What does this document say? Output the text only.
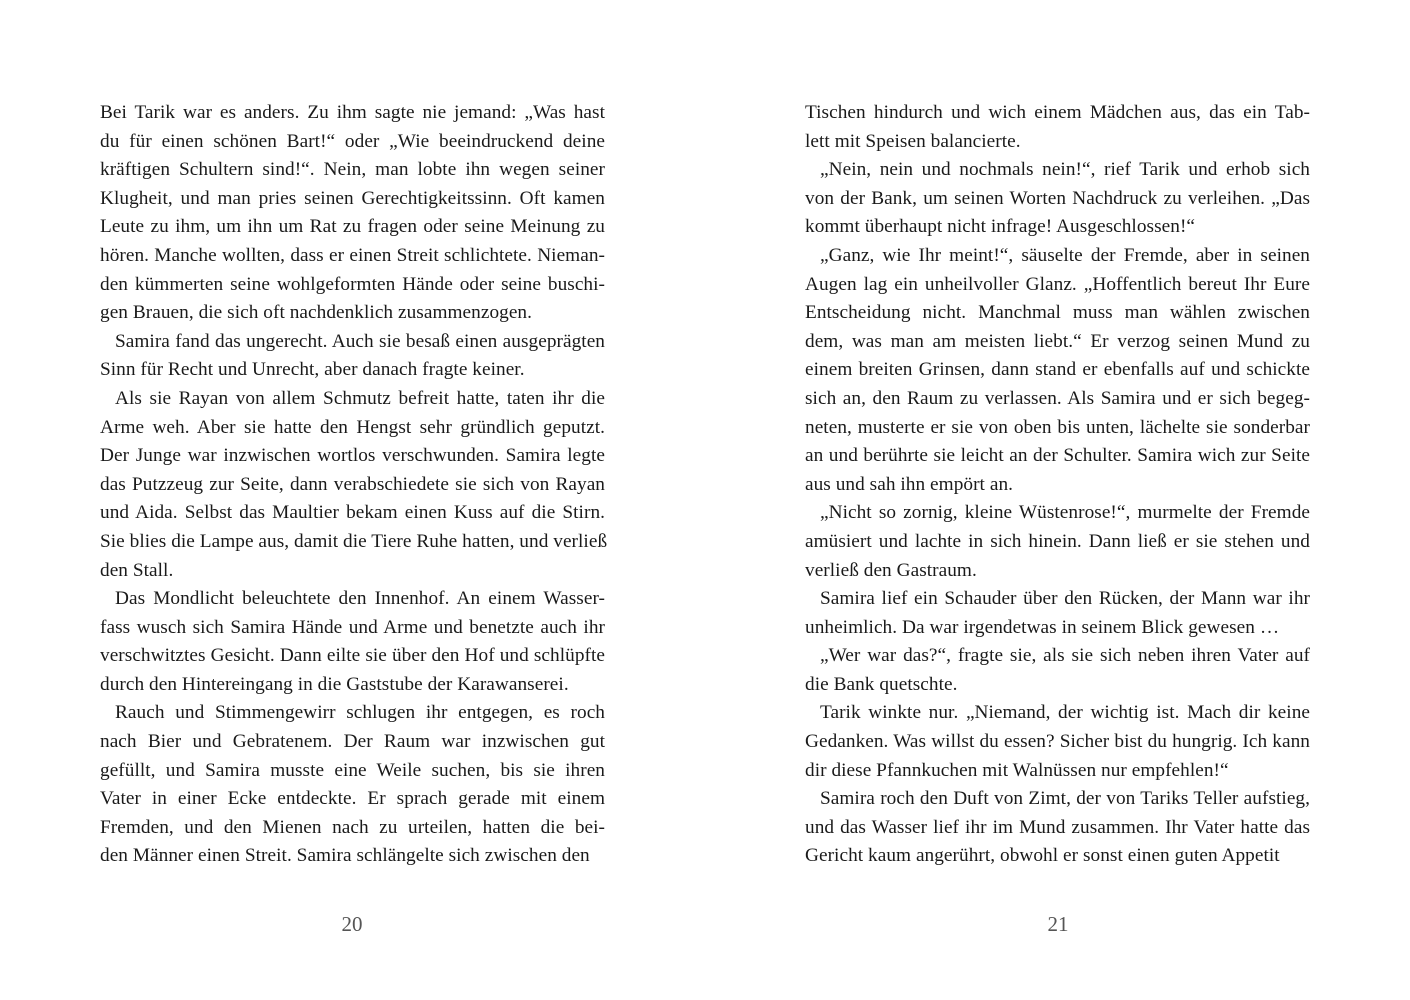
Bei Tarik war es anders. Zu ihm sagte nie jemand: „Was hast
du für einen schönen Bart!“ oder „Wie beeindruckend deine
kräftigen Schultern sind!“. Nein, man lobte ihn wegen seiner
Klugheit, und man pries seinen Gerechtigkeitssinn. Oft kamen
Leute zu ihm, um ihn um Rat zu fragen oder seine Meinung zu
hören. Manche wollten, dass er einen Streit schlichtete. Nieman-
den kümmerten seine wohlgeformten Hände oder seine buschi-
gen Brauen, die sich oft nachdenklich zusammenzogen.
Samira fand das ungerecht. Auch sie besaß einen ausgeprägten
Sinn für Recht und Unrecht, aber danach fragte keiner.
Als sie Rayan von allem Schmutz befreit hatte, taten ihr die
Arme weh. Aber sie hatte den Hengst sehr gründlich geputzt.
Der Junge war inzwischen wortlos verschwunden. Samira legte
das Putzzeug zur Seite, dann verabschiedete sie sich von Rayan
und Aida. Selbst das Maultier bekam einen Kuss auf die Stirn.
Sie blies die Lampe aus, damit die Tiere Ruhe hatten, und verließ
den Stall.
Das Mondlicht beleuchtete den Innenhof. An einem Wasser-
fass wusch sich Samira Hände und Arme und benetzte auch ihr
verschwitztes Gesicht. Dann eilte sie über den Hof und schlüpfte
durch den Hintereingang in die Gaststube der Karawanserei.
Rauch und Stimmengewirr schlugen ihr entgegen, es roch
nach Bier und Gebratenem. Der Raum war inzwischen gut
gefüllt, und Samira musste eine Weile suchen, bis sie ihren
Vater in einer Ecke entdeckte. Er sprach gerade mit einem
Fremden, und den Mienen nach zu urteilen, hatten die bei-
den Männer einen Streit. Samira schlängelte sich zwischen den
Tischen hindurch und wich einem Mädchen aus, das ein Tab-
lett mit Speisen balancierte.
„Nein, nein und nochmals nein!“, rief Tarik und erhob sich
von der Bank, um seinen Worten Nachdruck zu verleihen. „Das
kommt überhaupt nicht infrage! Ausgeschlossen!“
„Ganz, wie Ihr meint!“, säuselte der Fremde, aber in seinen
Augen lag ein unheilvoller Glanz. „Hoffentlich bereut Ihr Eure
Entscheidung nicht. Manchmal muss man wählen zwischen
dem, was man am meisten liebt.“ Er verzog seinen Mund zu
einem breiten Grinsen, dann stand er ebenfalls auf und schickte
sich an, den Raum zu verlassen. Als Samira und er sich begeg-
neten, musterte er sie von oben bis unten, lächelte sie sonderbar
an und berührte sie leicht an der Schulter. Samira wich zur Seite
aus und sah ihn empört an.
„Nicht so zornig, kleine Wüstenrose!“, murmelte der Fremde
amüsiert und lachte in sich hinein. Dann ließ er sie stehen und
verließ den Gastraum.
Samira lief ein Schauder über den Rücken, der Mann war ihr
unheimlich. Da war irgendetwas in seinem Blick gewesen …
„Wer war das?“, fragte sie, als sie sich neben ihren Vater auf
die Bank quetschte.
Tarik winkte nur. „Niemand, der wichtig ist. Mach dir keine
Gedanken. Was willst du essen? Sicher bist du hungrig. Ich kann
dir diese Pfannkuchen mit Walnüssen nur empfehlen!“
Samira roch den Duft von Zimt, der von Tariks Teller aufstieg,
und das Wasser lief ihr im Mund zusammen. Ihr Vater hatte das
Gericht kaum angerührt, obwohl er sonst einen guten Appetit
20	21
